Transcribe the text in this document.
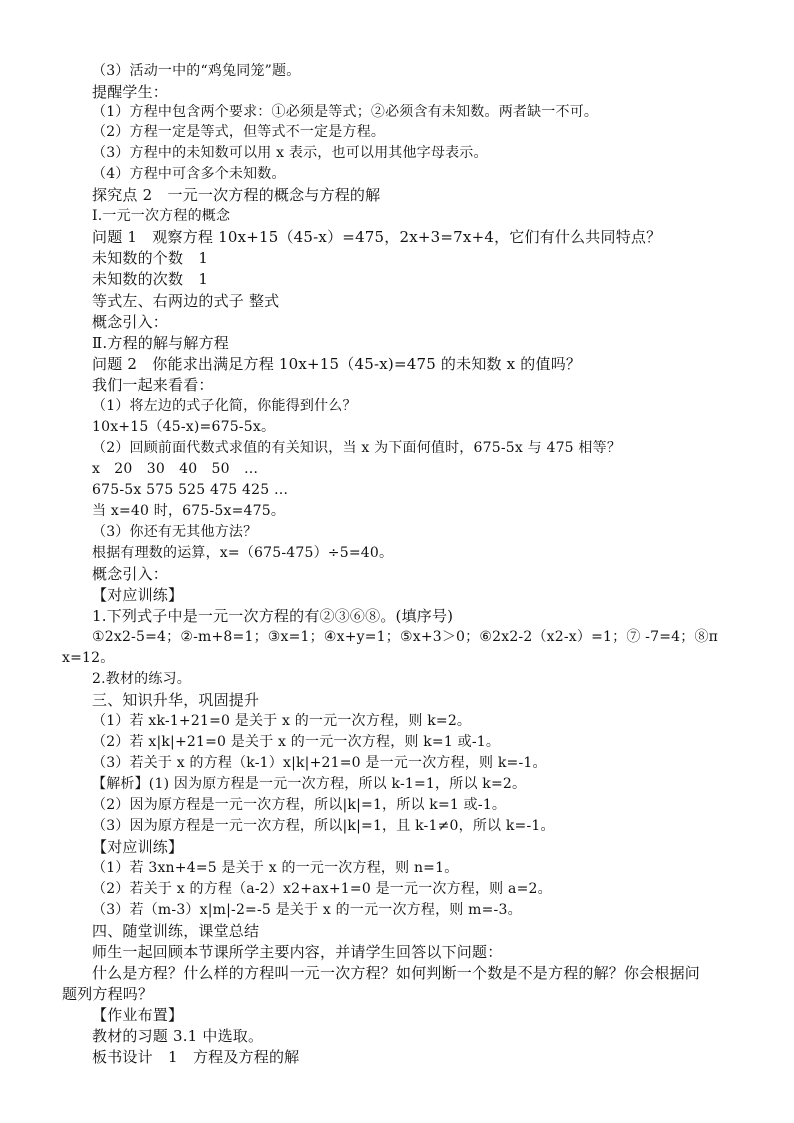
（3）活动一中的“鸡兔同笼”题。
提醒学生：
（1）方程中包含两个要求：①必须是等式；②必须含有未知数。两者缺一不可。
（2）方程一定是等式，但等式不一定是方程。
（3）方程中的未知数可以用 x 表示，也可以用其他字母表示。
（4）方程中可含多个未知数。
探究点 2　一元一次方程的概念与方程的解
Ⅰ.一元一次方程的概念
问题 1　观察方程 10x+15（45-x）=475，2x+3=7x+4，它们有什么共同特点？
未知数的个数　1
未知数的次数　1
等式左、右两边的式子 整式
概念引入：
Ⅱ.方程的解与解方程
问题 2　你能求出满足方程 10x+15（45-x)=475 的未知数 x 的值吗？
我们一起来看看：
（1）将左边的式子化简，你能得到什么？
10x+15（45-x)=675-5x。
（2）回顾前面代数式求值的有关知识，当 x 为下面何值时，675-5x 与 475 相等？
x　20　30　40　50　…
675-5x 575 525 475 425 …
当 x=40 时，675-5x=475。
（3）你还有无其他方法？
根据有理数的运算，x=（675-475）÷5=40。
概念引入：
【对应训练】
1.下列式子中是一元一次方程的有②③⑥⑧。(填序号)
①2x2-5=4；②-m+8=1；③x=1；④x+y=1；⑤x+3＞0；⑥2x2-2（x2-x）=1；⑦ -7=4；⑧π
x=12。
2.教材的练习。
三、知识升华，巩固提升
（1）若 xk-1+21=0 是关于 x 的一元一次方程，则 k=2。
（2）若 x|k|+21=0 是关于 x 的一元一次方程，则 k=1 或-1。
（3）若关于 x 的方程（k-1）x|k|+21=0 是一元一次方程，则 k=-1。
【解析】(1) 因为原方程是一元一次方程，所以 k-1=1，所以 k=2。
（2）因为原方程是一元一次方程，所以|k|=1，所以 k=1 或-1。
（3）因为原方程是一元一次方程，所以|k|=1，且 k-1≠0，所以 k=-1。
【对应训练】
（1）若 3xn+4=5 是关于 x 的一元一次方程，则 n=1。
（2）若关于 x 的方程（a-2）x2+ax+1=0 是一元一次方程，则 a=2。
（3）若（m-3）x|m|-2=-5 是关于 x 的一元一次方程，则 m=-3。
四、随堂训练，课堂总结
师生一起回顾本节课所学主要内容，并请学生回答以下问题：
什么是方程？什么样的方程叫一元一次方程？如何判断一个数是不是方程的解？你会根据问
题列方程吗？
【作业布置】
教材的习题 3.1 中选取。
板书设计　1　方程及方程的解
